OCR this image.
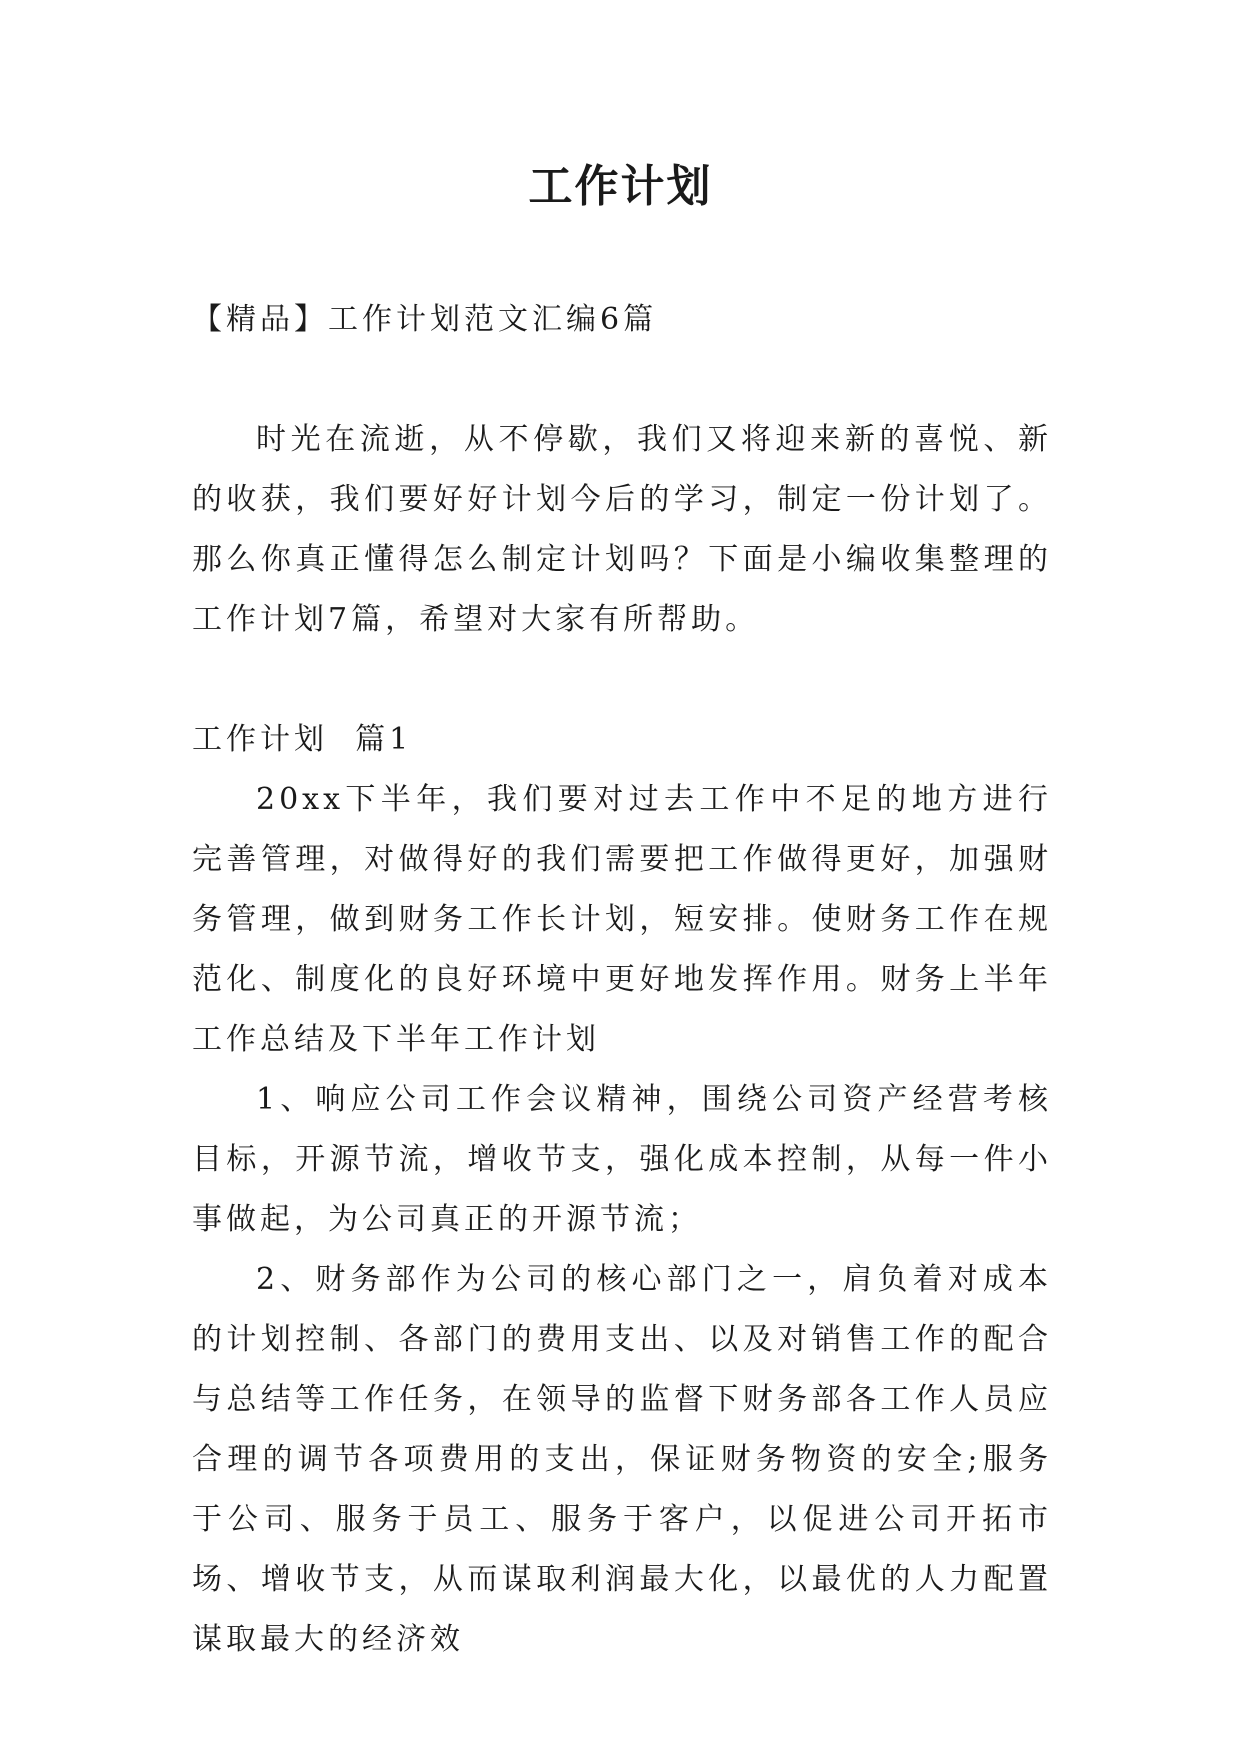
工作计划

【精品】工作计划范文汇编6篇

时光在流逝，从不停歇，我们又将迎来新的喜悦、新的收获，我们要好好计划今后的学习，制定一份计划了。那么你真正懂得怎么制定计划吗？下面是小编收集整理的工作计划7篇，希望对大家有所帮助。

工作计划  篇1

20xx下半年，我们要对过去工作中不足的地方进行完善管理，对做得好的我们需要把工作做得更好，加强财务管理，做到财务工作长计划，短安排。使财务工作在规范化、制度化的良好环境中更好地发挥作用。财务上半年工作总结及下半年工作计划

1、响应公司工作会议精神，围绕公司资产经营考核目标，开源节流，增收节支，强化成本控制，从每一件小事做起，为公司真正的开源节流；

2、财务部作为公司的核心部门之一，肩负着对成本的计划控制、各部门的费用支出、以及对销售工作的配合与总结等工作任务，在领导的监督下财务部各工作人员应合理的调节各项费用的支出，保证财务物资的安全;服务于公司、服务于员工、服务于客户，以促进公司开拓市场、增收节支，从而谋取利润最大化，以最优的人力配置谋取最大的经济效
